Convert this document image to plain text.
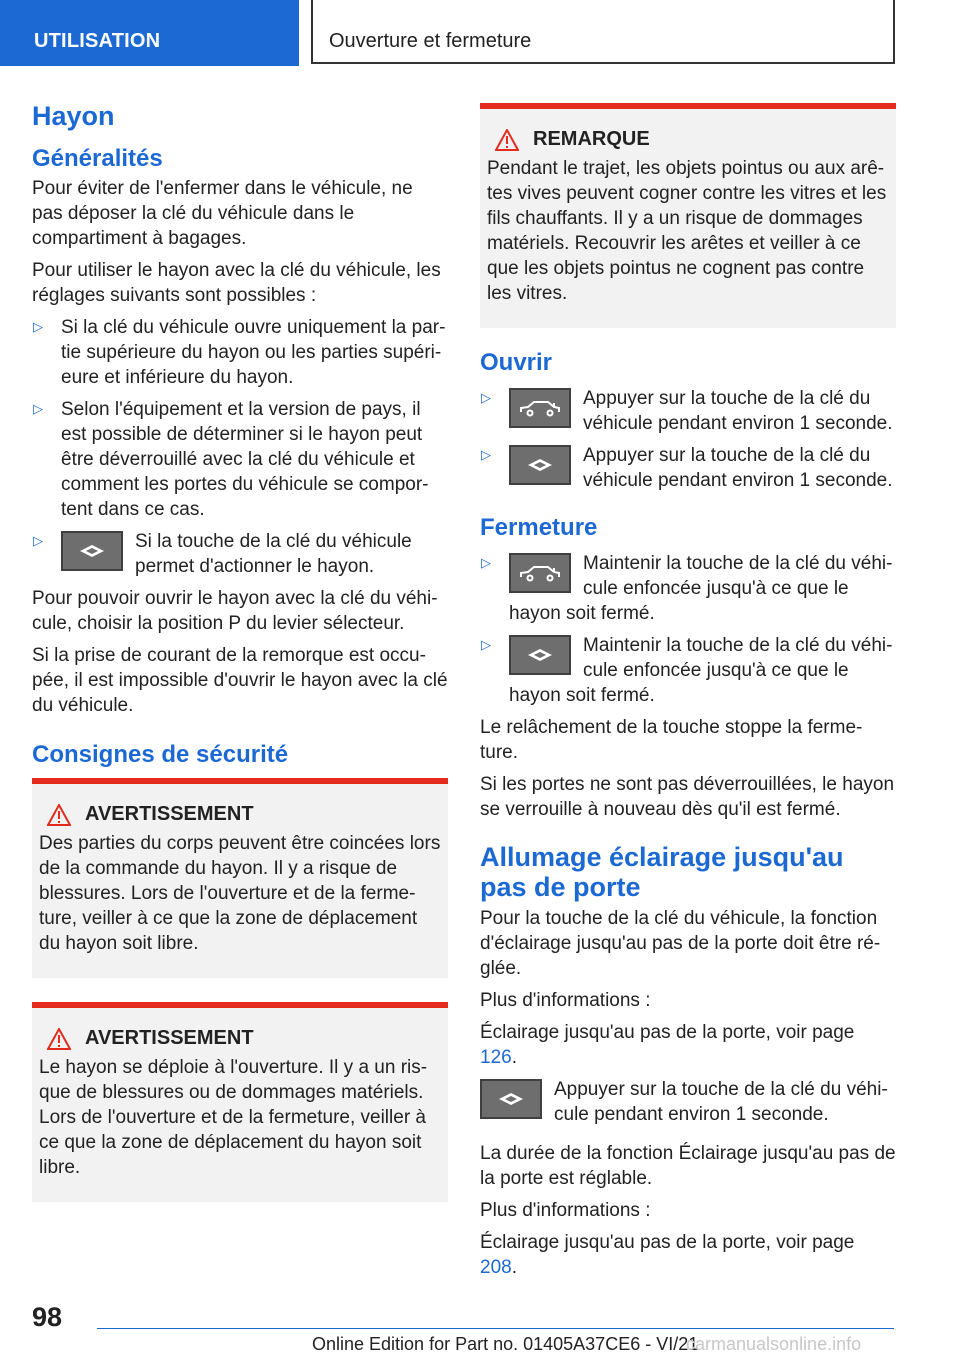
UTILISATION	Ouverture et fermeture
Hayon
Généralités

Pour éviter de l'enfermer dans le véhicule, ne pas déposer la clé du véhicule dans le compartiment à bagages.

Pour utiliser le hayon avec la clé du véhicule, les réglages suivants sont possibles :

▷ Si la clé du véhicule ouvre uniquement la par-tie supérieure du hayon ou les parties supéri-eure et inférieure du hayon.
▷ Selon l'équipement et la version de pays, il est possible de déterminer si le hayon peut être déverrouillé avec la clé du véhicule et comment les portes du véhicule se compor-tent dans ce cas.
▷	Si la touche de la clé du véhicule permet d'actionner le hayon.

Pour pouvoir ouvrir le hayon avec la clé du véhi-cule, choisir la position P du levier sélecteur.

Si la prise de courant de la remorque est occu-pée, il est impossible d'ouvrir le hayon avec la clé du véhicule.

Consignes de sécurité
AVERTISSEMENT
Des parties du corps peuvent être coincées lors de la commande du hayon. Il y a risque de blessures. Lors de l'ouverture et de la ferme-ture, veiller à ce que la zone de déplacement du hayon soit libre.
AVERTISSEMENT
Le hayon se déploie à l'ouverture. Il y a un ris-que de blessures ou de dommages matériels. Lors de l'ouverture et de la fermeture, veiller à ce que la zone de déplacement du hayon soit libre.
REMARQUE
Pendant le trajet, les objets pointus ou aux arê-tes vives peuvent cogner contre les vitres et les fils chauffants. Il y a un risque de dommages matériels. Recouvrir les arêtes et veiller à ce que les objets pointus ne cognent pas contre les vitres.
Ouvrir
▷	Appuyer sur la touche de la clé du véhicule pendant environ 1 seconde.
▷	Appuyer sur la touche de la clé du véhicule pendant environ 1 seconde.
Fermeture
▷	Maintenir la touche de la clé du véhi-cule enfoncée jusqu'à ce que le hayon soit fermé.
▷	Maintenir la touche de la clé du véhi-cule enfoncée jusqu'à ce que le hayon soit fermé.

Le relâchement de la touche stoppe la ferme-ture.

Si les portes ne sont pas déverrouillées, le hayon se verrouille à nouveau dès qu'il est fermé.

Allumage éclairage jusqu'au pas de porte

Pour la touche de la clé du véhicule, la fonction d'éclairage jusqu'au pas de la porte doit être ré-glée.

Plus d'informations :

Éclairage jusqu'au pas de la porte, voir page 126.

Appuyer sur la touche de la clé du véhi-cule pendant environ 1 seconde.

La durée de la fonction Éclairage jusqu'au pas de la porte est réglable.

Plus d'informations :

Éclairage jusqu'au pas de la porte, voir page 208.

98
Online Edition for Part no. 01405A37CE6 - VI/21
carmanualsonline.info
